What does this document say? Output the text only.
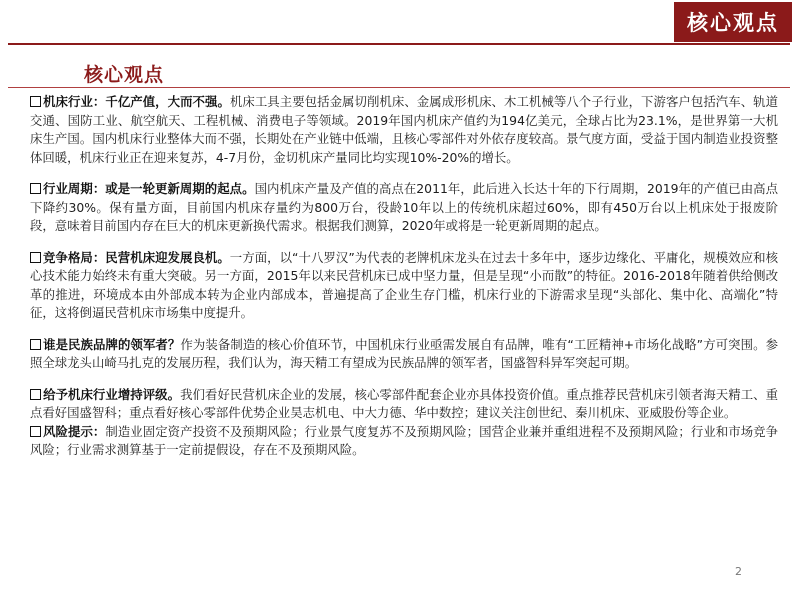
核心观点
核心观点

机床行业：千亿产值，大而不强。机床工具主要包括金属切削机床、金属成形机床、木工机械等八个子行业，下游客户包括汽车、轨道交通、国防工业、航空航天、工程机械、消费电子等领域。2019年国内机床产值约为194亿美元，全球占比为23.1%，是世界第一大机床生产国。国内机床行业整体大而不强，长期处在产业链中低端，且核心零部件对外依存度较高。景气度方面，受益于国内制造业投资整体回暖，机床行业正在迎来复苏，4-7月份，金切机床产量同比均实现10%-20%的增长。

行业周期：或是一轮更新周期的起点。国内机床产量及产值的高点在2011年，此后进入长达十年的下行周期，2019年的产值已由高点下降约30%。保有量方面，目前国内机床存量约为800万台，役龄10年以上的传统机床超过60%，即有450万台以上机床处于报废阶段，意味着目前国内存在巨大的机床更新换代需求。根据我们测算，2020年或将是一轮更新周期的起点。

竞争格局：民营机床迎发展良机。一方面，以“十八罗汉”为代表的老牌机床龙头在过去十多年中，逐步边缘化、平庸化，规模效应和核心技术能力始终未有重大突破。另一方面，2015年以来民营机床已成中坚力量，但是呈现“小而散”的特征。2016-2018年随着供给侧改革的推进，环境成本由外部成本转为企业内部成本，普遍提高了企业生存门槛，机床行业的下游需求呈现“头部化、集中化、高端化”特征，这将倒逼民营机床市场集中度提升。

谁是民族品牌的领军者？作为装备制造的核心价值环节，中国机床行业亟需发展自有品牌，唯有“工匠精神+市场化战略”方可突围。参照全球龙头山崎马扎克的发展历程，我们认为，海天精工有望成为民族品牌的领军者，国盛智科异军突起可期。

给予机床行业增持评级。我们看好民营机床企业的发展，核心零部件配套企业亦具体投资价值。重点推荐民营机床引领者海天精工、重点看好国盛智科；重点看好核心零部件优势企业昊志机电、中大力德、华中数控；建议关注创世纪、秦川机床、亚威股份等企业。

风险提示：制造业固定资产投资不及预期风险；行业景气度复苏不及预期风险；国营企业兼并重组进程不及预期风险；行业和市场竞争风险；行业需求测算基于一定前提假设，存在不及预期风险。

2
